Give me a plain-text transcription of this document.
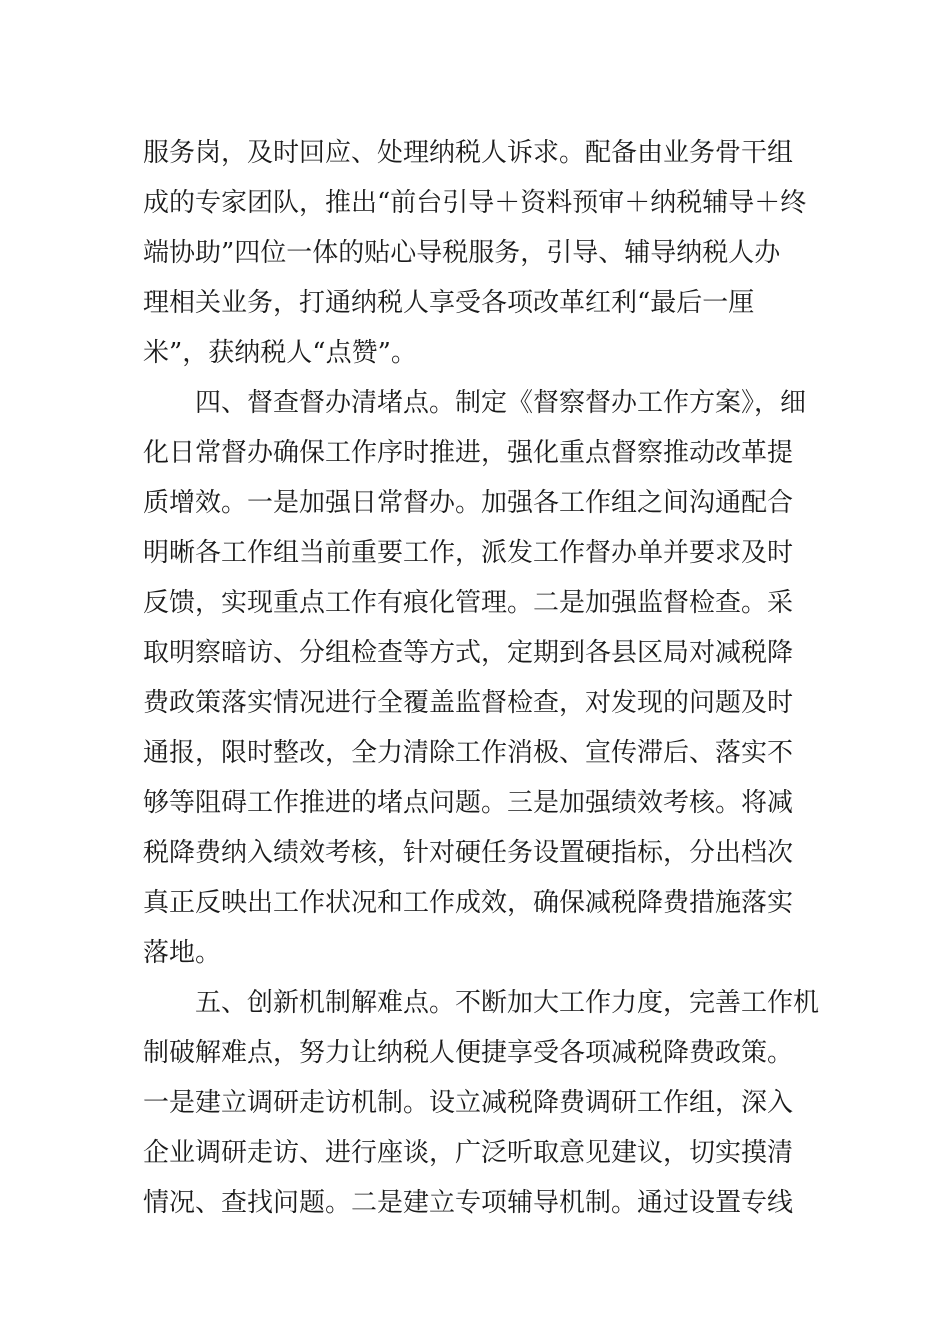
服务岗，及时回应、处理纳税人诉求。配备由业务骨干组
成的专家团队，推出“前台引导＋资料预审＋纳税辅导＋终
端协助”四位一体的贴心导税服务，引导、辅导纳税人办
理相关业务，打通纳税人享受各项改革红利“最后一厘
米”，获纳税人“点赞”。
　　四、督查督办清堵点。制定《督察督办工作方案》，细
化日常督办确保工作序时推进，强化重点督察推动改革提
质增效。一是加强日常督办。加强各工作组之间沟通配合
明晰各工作组当前重要工作，派发工作督办单并要求及时
反馈，实现重点工作有痕化管理。二是加强监督检查。采
取明察暗访、分组检查等方式，定期到各县区局对减税降
费政策落实情况进行全覆盖监督检查，对发现的问题及时
通报，限时整改，全力清除工作消极、宣传滞后、落实不
够等阻碍工作推进的堵点问题。三是加强绩效考核。将减
税降费纳入绩效考核，针对硬任务设置硬指标，分出档次
真正反映出工作状况和工作成效，确保减税降费措施落实
落地。
　　五、创新机制解难点。不断加大工作力度，完善工作机
制破解难点，努力让纳税人便捷享受各项减税降费政策。
一是建立调研走访机制。设立减税降费调研工作组，深入
企业调研走访、进行座谈，广泛听取意见建议，切实摸清
情况、查找问题。二是建立专项辅导机制。通过设置专线
